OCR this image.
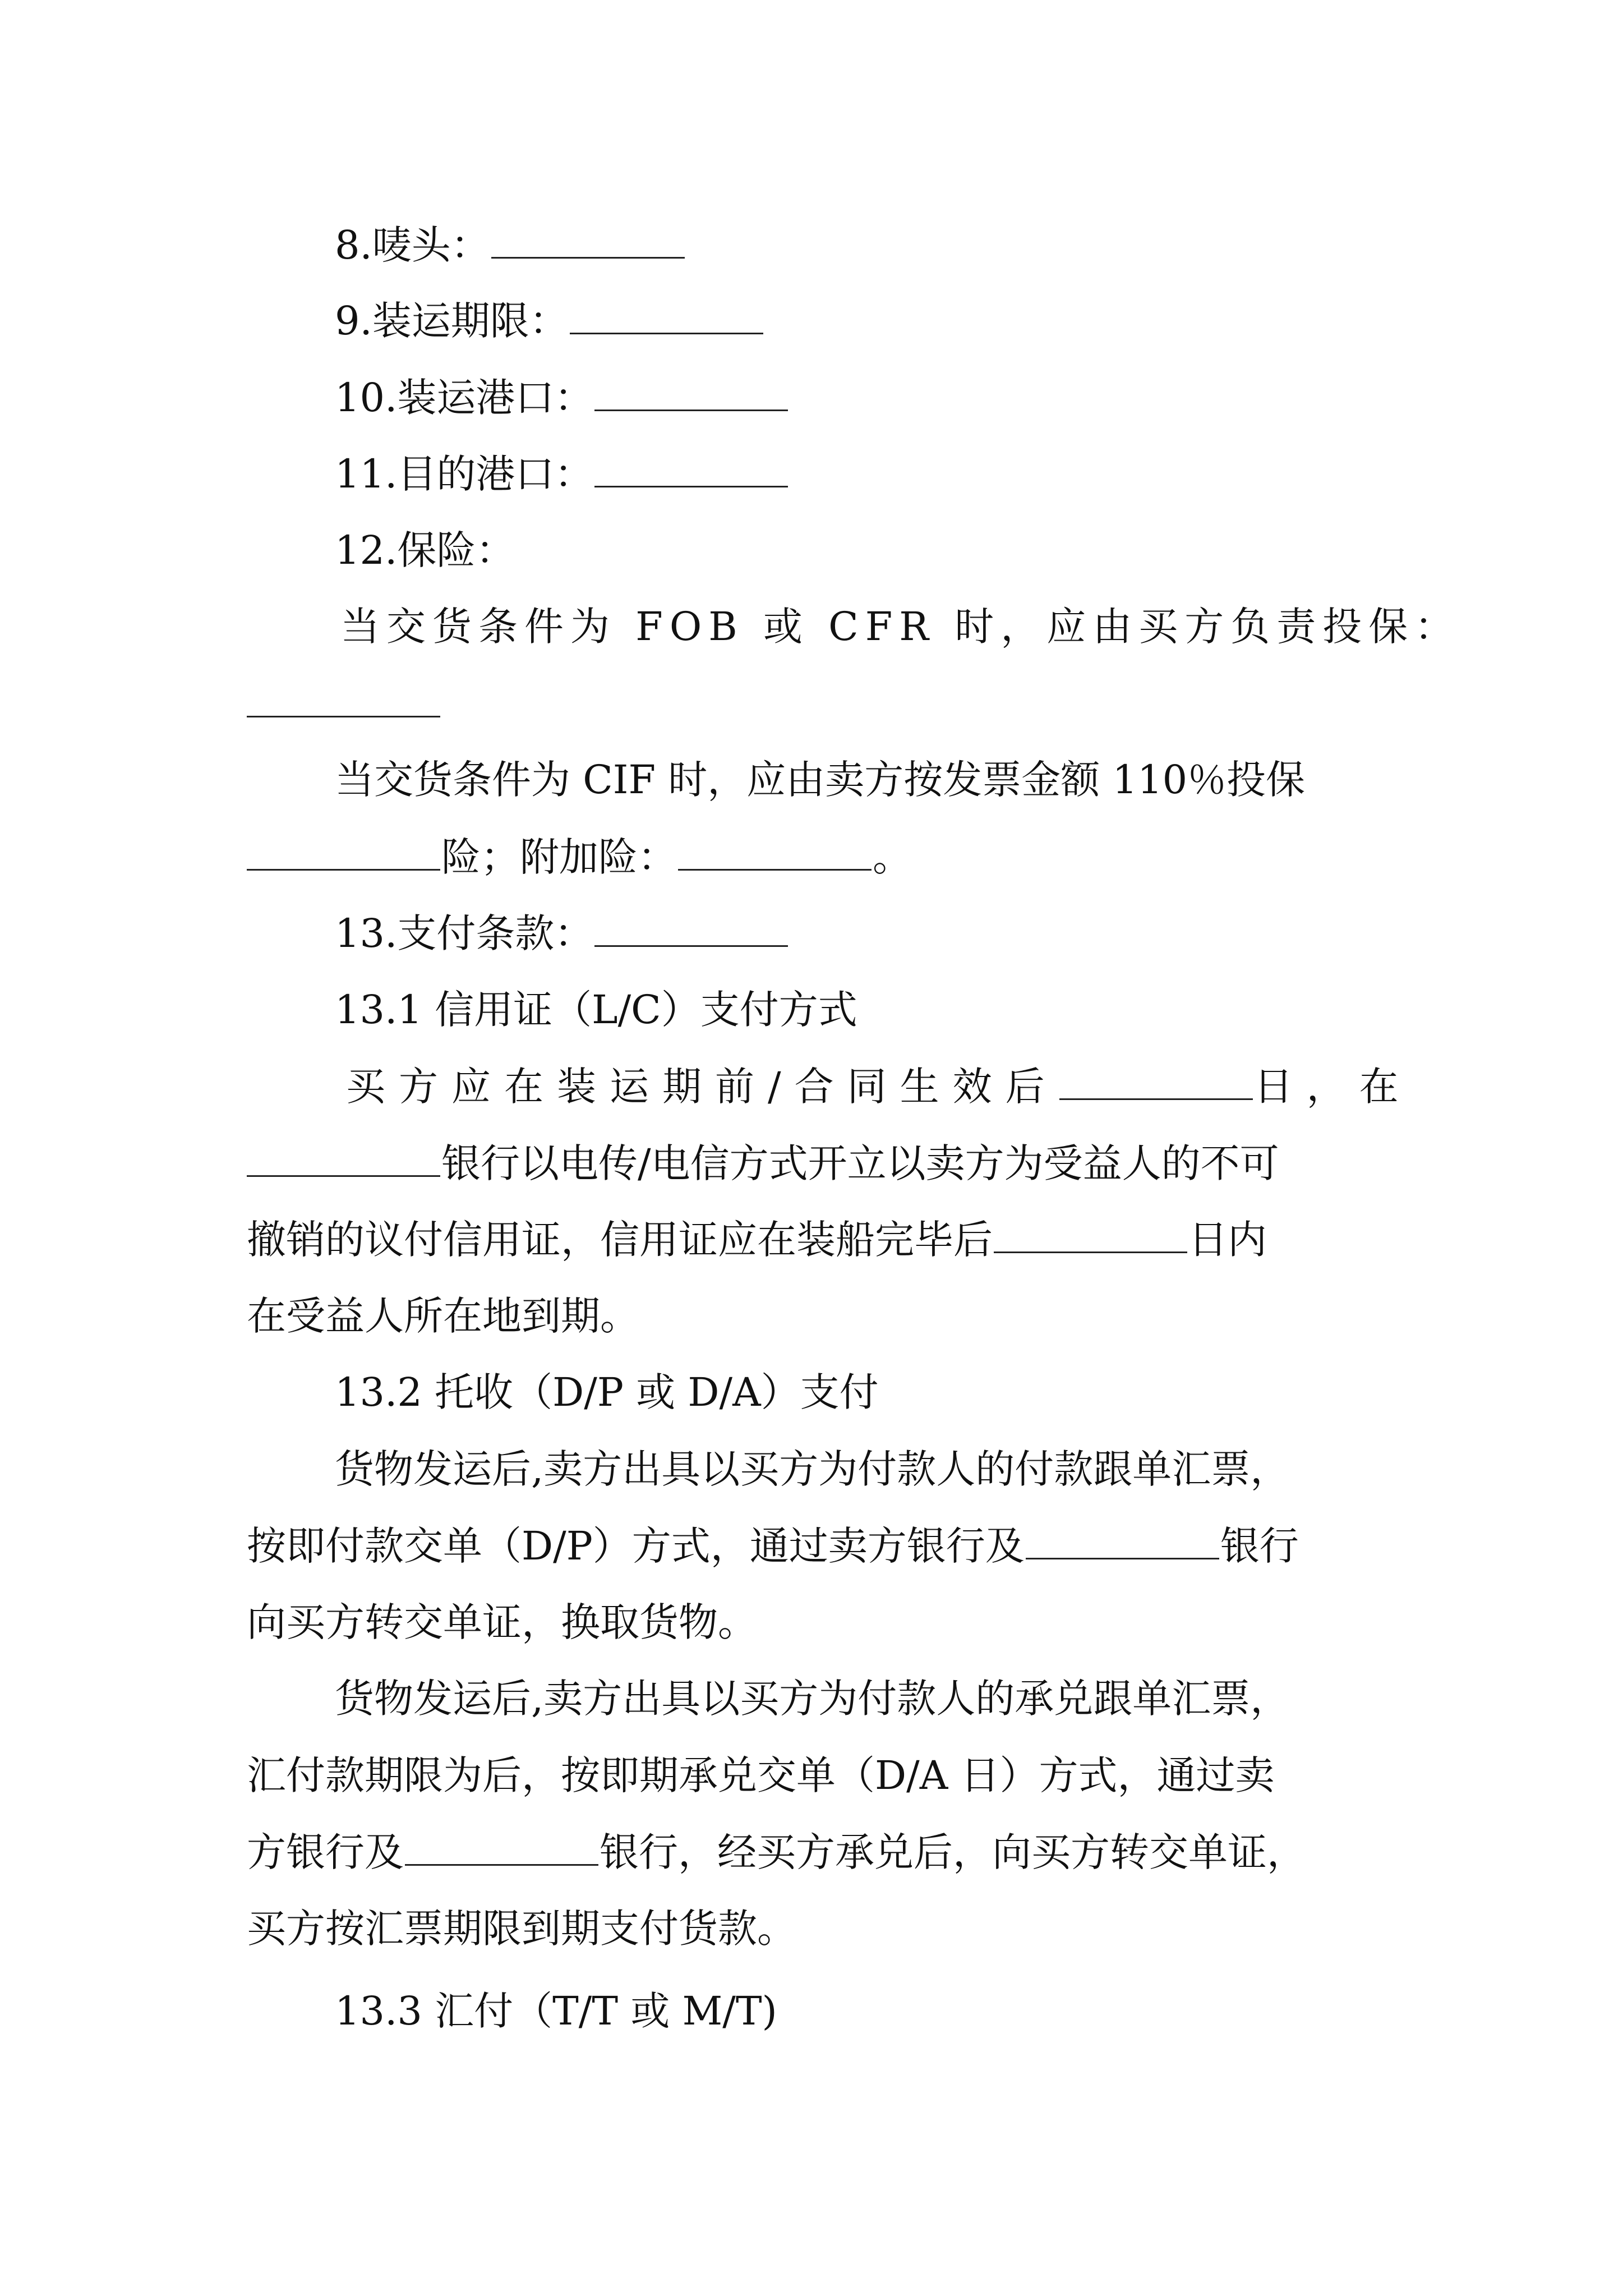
8.唛头：
9.装运期限：
10.装运港口：
11.目的港口：
12.保险：
当交货条件为 FOB 或 CFR 时，应由买方负责投保：
当交货条件为 CIF 时，应由卖方按发票金额 110％投保
险；附加险：	。
13.支付条款：
13.1 信用证（L/C）支付方式
买方应在装运期前/合同生效后	日，在
银行以电传/电信方式开立以卖方为受益人的不可
撤销的议付信用证，信用证应在装船完毕后	日内
在受益人所在地到期。
13.2 托收（D/P 或 D/A）支付
货物发运后,卖方出具以买方为付款人的付款跟单汇票，
按即付款交单（D/P）方式，通过卖方银行及	银行
向买方转交单证，换取货物。
货物发运后,卖方出具以买方为付款人的承兑跟单汇票，
汇付款期限为后，按即期承兑交单（D/A 日）方式，通过卖
方银行及	银行，经买方承兑后，向买方转交单证，
买方按汇票期限到期支付货款。
13.3 汇付（T/T 或 M/T)
